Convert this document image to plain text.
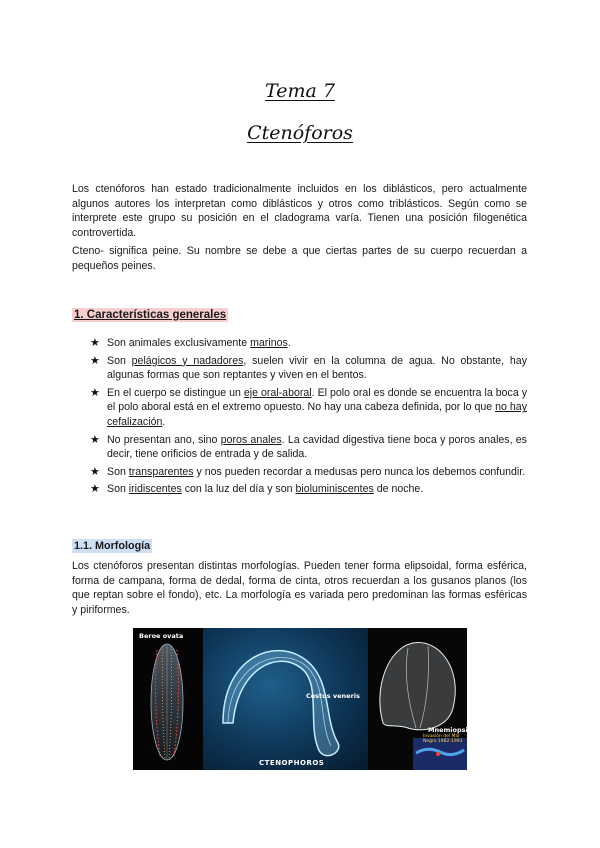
Tema 7
Ctenóforos

Los ctenóforos han estado tradicionalmente incluidos en los diblásticos, pero actualmente algunos autores los interpretan como diblásticos y otros como triblásticos. Según como se interprete este grupo su posición en el cladograma varía. Tienen una posición filogenética controvertida.

Cteno- significa peine. Su nombre se debe a que ciertas partes de su cuerpo recuerdan a pequeños peines.

1. Características generales
★ Son animales exclusivamente marinos.
★ Son pelágicos y nadadores, suelen vivir en la columna de agua. No obstante, hay algunas formas que son reptantes y viven en el bentos.
★ En el cuerpo se distingue un eje oral-aboral. El polo oral es donde se encuentra la boca y el polo aboral está en el extremo opuesto. No hay una cabeza definida, por lo que no hay cefalización.
★ No presentan ano, sino poros anales. La cavidad digestiva tiene boca y poros anales, es decir, tiene orificios de entrada y de salida.
★ Son transparentes y nos pueden recordar a medusas pero nunca los debemos confundir.
★ Son iridiscentes con la luz del día y son bioluminiscentes de noche.
1.1. Morfología

Los ctenóforos presentan distintas morfologías. Pueden tener forma elipsoidal, forma esférica, forma de campana, forma de dedal, forma de cinta, otros recuerdan a los gusanos planos (los que reptan sobre el fondo), etc. La morfología es variada pero predominan las formas esféricas y piriformes.

Beroe ovata
Cestus veneris
CTENOPHOROS
Mnemiopsis
Invasión del Mar Negro 1982-1993
